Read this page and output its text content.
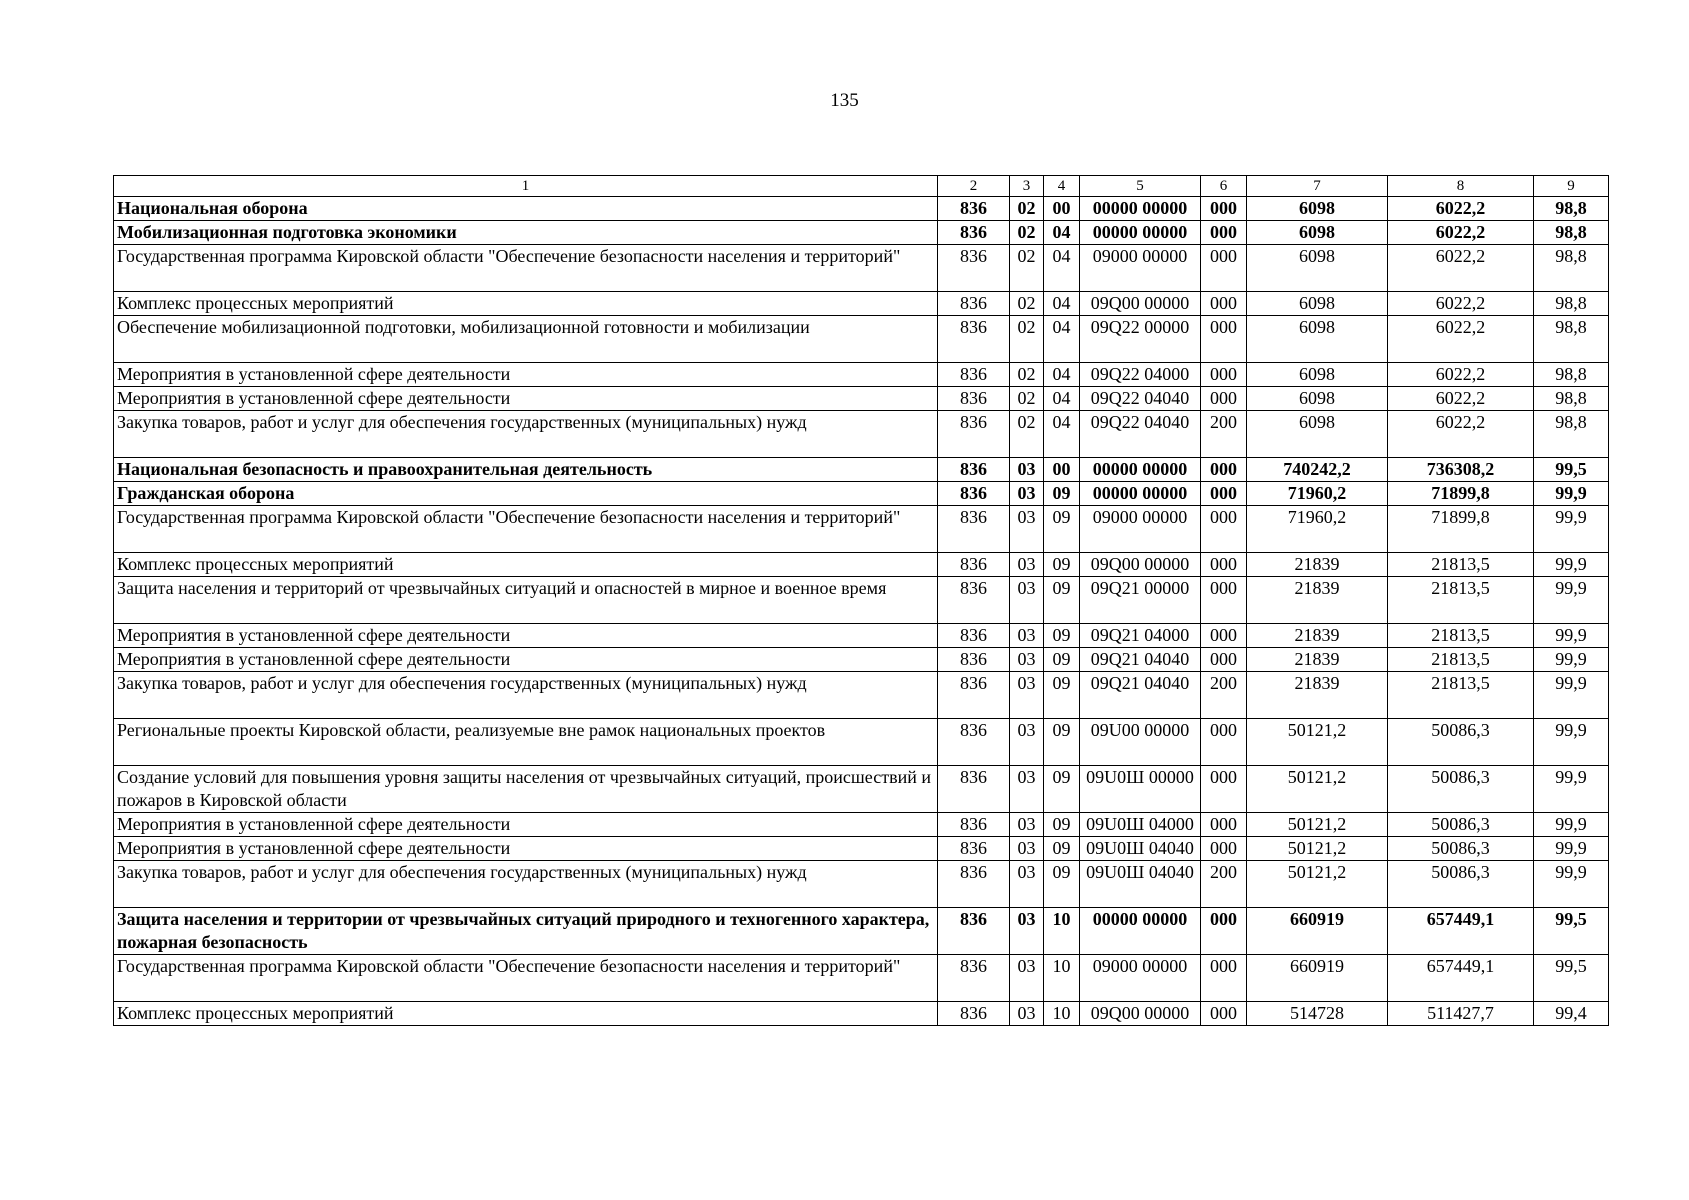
135
1	2	3	4	5	6	7	8	9
Национальная оборона	836	02	00	00000 00000	000	6098	6022,2	98,8
Мобилизационная подготовка экономики	836	02	04	00000 00000	000	6098	6022,2	98,8
Государственная программа Кировской области "Обеспечение безопасности населения и территорий"	836	02	04	09000 00000	000	6098	6022,2	98,8
Комплекс процессных мероприятий	836	02	04	09Q00 00000	000	6098	6022,2	98,8
Обеспечение мобилизационной подготовки, мобилизационной готовности и мобилизации	836	02	04	09Q22 00000	000	6098	6022,2	98,8
Мероприятия в установленной сфере деятельности	836	02	04	09Q22 04000	000	6098	6022,2	98,8
Мероприятия в установленной сфере деятельности	836	02	04	09Q22 04040	000	6098	6022,2	98,8
Закупка товаров, работ и услуг для обеспечения государственных (муниципальных) нужд	836	02	04	09Q22 04040	200	6098	6022,2	98,8
Национальная безопасность и правоохранительная деятельность	836	03	00	00000 00000	000	740242,2	736308,2	99,5
Гражданская оборона	836	03	09	00000 00000	000	71960,2	71899,8	99,9
Государственная программа Кировской области "Обеспечение безопасности населения и территорий"	836	03	09	09000 00000	000	71960,2	71899,8	99,9
Комплекс процессных мероприятий	836	03	09	09Q00 00000	000	21839	21813,5	99,9
Защита населения и территорий от чрезвычайных ситуаций и опасностей в мирное и военное время	836	03	09	09Q21 00000	000	21839	21813,5	99,9
Мероприятия в установленной сфере деятельности	836	03	09	09Q21 04000	000	21839	21813,5	99,9
Мероприятия в установленной сфере деятельности	836	03	09	09Q21 04040	000	21839	21813,5	99,9
Закупка товаров, работ и услуг для обеспечения государственных (муниципальных) нужд	836	03	09	09Q21 04040	200	21839	21813,5	99,9
Региональные проекты Кировской области, реализуемые вне рамок национальных проектов	836	03	09	09U00 00000	000	50121,2	50086,3	99,9
Создание условий для повышения уровня защиты населения от чрезвычайных ситуаций, происшествий и пожаров в Кировской области	836	03	09	09U0Ш 00000	000	50121,2	50086,3	99,9
Мероприятия в установленной сфере деятельности	836	03	09	09U0Ш 04000	000	50121,2	50086,3	99,9
Мероприятия в установленной сфере деятельности	836	03	09	09U0Ш 04040	000	50121,2	50086,3	99,9
Закупка товаров, работ и услуг для обеспечения государственных (муниципальных) нужд	836	03	09	09U0Ш 04040	200	50121,2	50086,3	99,9
Защита населения и территории от чрезвычайных ситуаций природного и техногенного характера, пожарная безопасность	836	03	10	00000 00000	000	660919	657449,1	99,5
Государственная программа Кировской области "Обеспечение безопасности населения и территорий"	836	03	10	09000 00000	000	660919	657449,1	99,5
Комплекс процессных мероприятий	836	03	10	09Q00 00000	000	514728	511427,7	99,4
